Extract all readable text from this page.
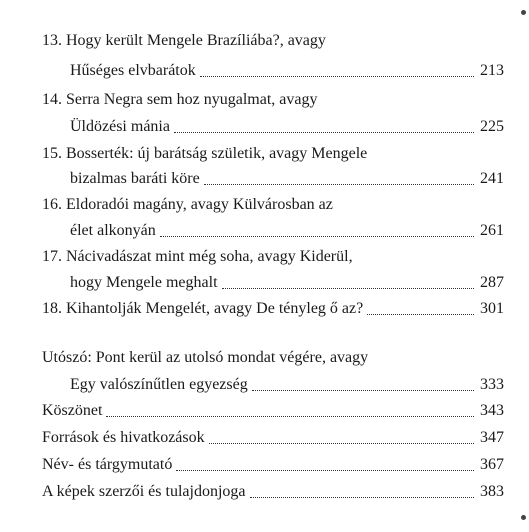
13. Hogy került Mengele Brazíliába?, avagy
Hűséges elvbarátok	213
14. Serra Negra sem hoz nyugalmat, avagy
Üldözési mánia	225
15. Bosserték: új barátság születik, avagy Mengele
bizalmas baráti köre	241
16. Eldoradói magány, avagy Külvárosban az
élet alkonyán	261
17. Nácivadászat mint még soha, avagy Kiderül,
hogy Mengele meghalt	287
18. Kihantolják Mengelét, avagy De tényleg ő az?	301
Utószó: Pont kerül az utolsó mondat végére, avagy
Egy valószínűtlen egyezség	333
Köszönet	343
Források és hivatkozások	347
Név- és tárgymutató	367
A képek szerzői és tulajdonjoga	383
